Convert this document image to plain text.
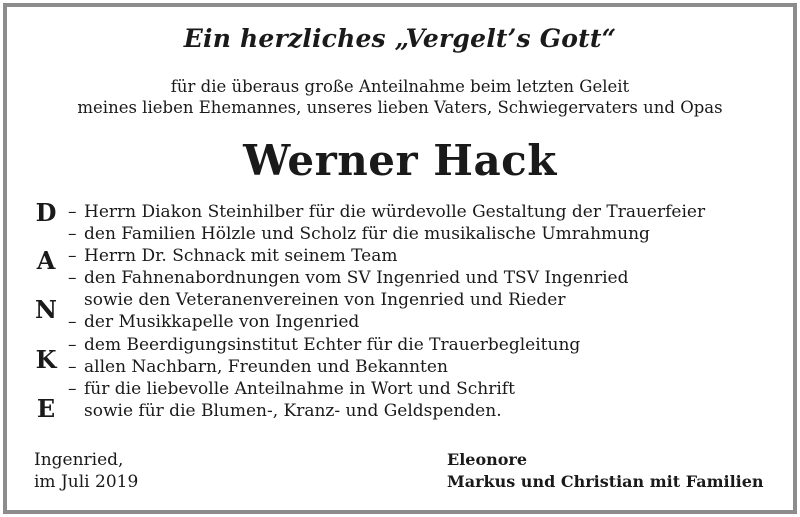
Ein herzliches „Vergelt’s Gott“
für die überaus große Anteilnahme beim letzten Geleit
meines lieben Ehemannes, unseres lieben Vaters, Schwiegervaters und Opas
Werner Hack
D
A
N
K
E
– Herrn Diakon Steinhilber für die würdevolle Gestaltung der Trauerfeier
– den Familien Hölzle und Scholz für die musikalische Umrahmung
– Herrn Dr. Schnack mit seinem Team
– den Fahnenabordnungen vom SV Ingenried und TSV Ingenried
sowie den Veteranenvereinen von Ingenried und Rieder
– der Musikkapelle von Ingenried
– dem Beerdigungsinstitut Echter für die Trauerbegleitung
– allen Nachbarn, Freunden und Bekannten
– für die liebevolle Anteilnahme in Wort und Schrift
sowie für die Blumen-, Kranz- und Geldspenden.
Ingenried,
im Juli 2019
Eleonore
Markus und Christian mit Familien
